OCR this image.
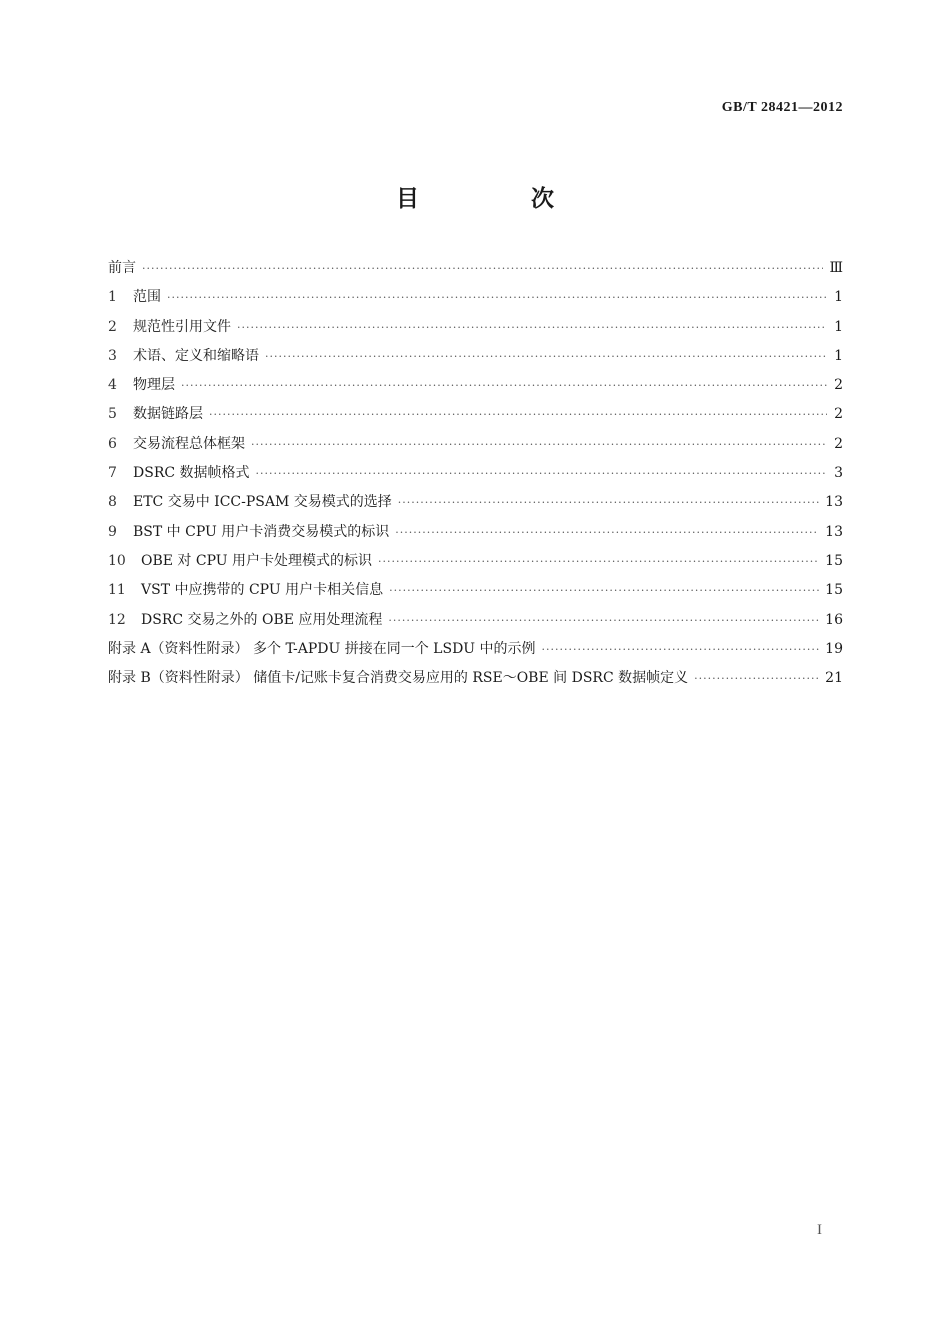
GB/T 28421—2012
目 次
前言 ·····	Ⅲ
1	范围 ·····	1
2	规范性引用文件 ·····	1
3	术语、定义和缩略语 ·····	1
4	物理层 ·····	2
5	数据链路层 ·····	2
6	交易流程总体框架 ·····	2
7	DSRC 数据帧格式 ·····	3
8	ETC 交易中 ICC-PSAM 交易模式的选择 ·····	13
9	BST 中 CPU 用户卡消费交易模式的标识 ·····	13
10	OBE 对 CPU 用户卡处理模式的标识 ·····	15
11	VST 中应携带的 CPU 用户卡相关信息 ·····	15
12	DSRC 交易之外的 OBE 应用处理流程 ·····	16
附录 A（资料性附录） 多个 T-APDU 拼接在同一个 LSDU 中的示例 ·····	19
附录 B（资料性附录） 储值卡/记账卡复合消费交易应用的 RSE～OBE 间 DSRC 数据帧定义 ·····	21
I
